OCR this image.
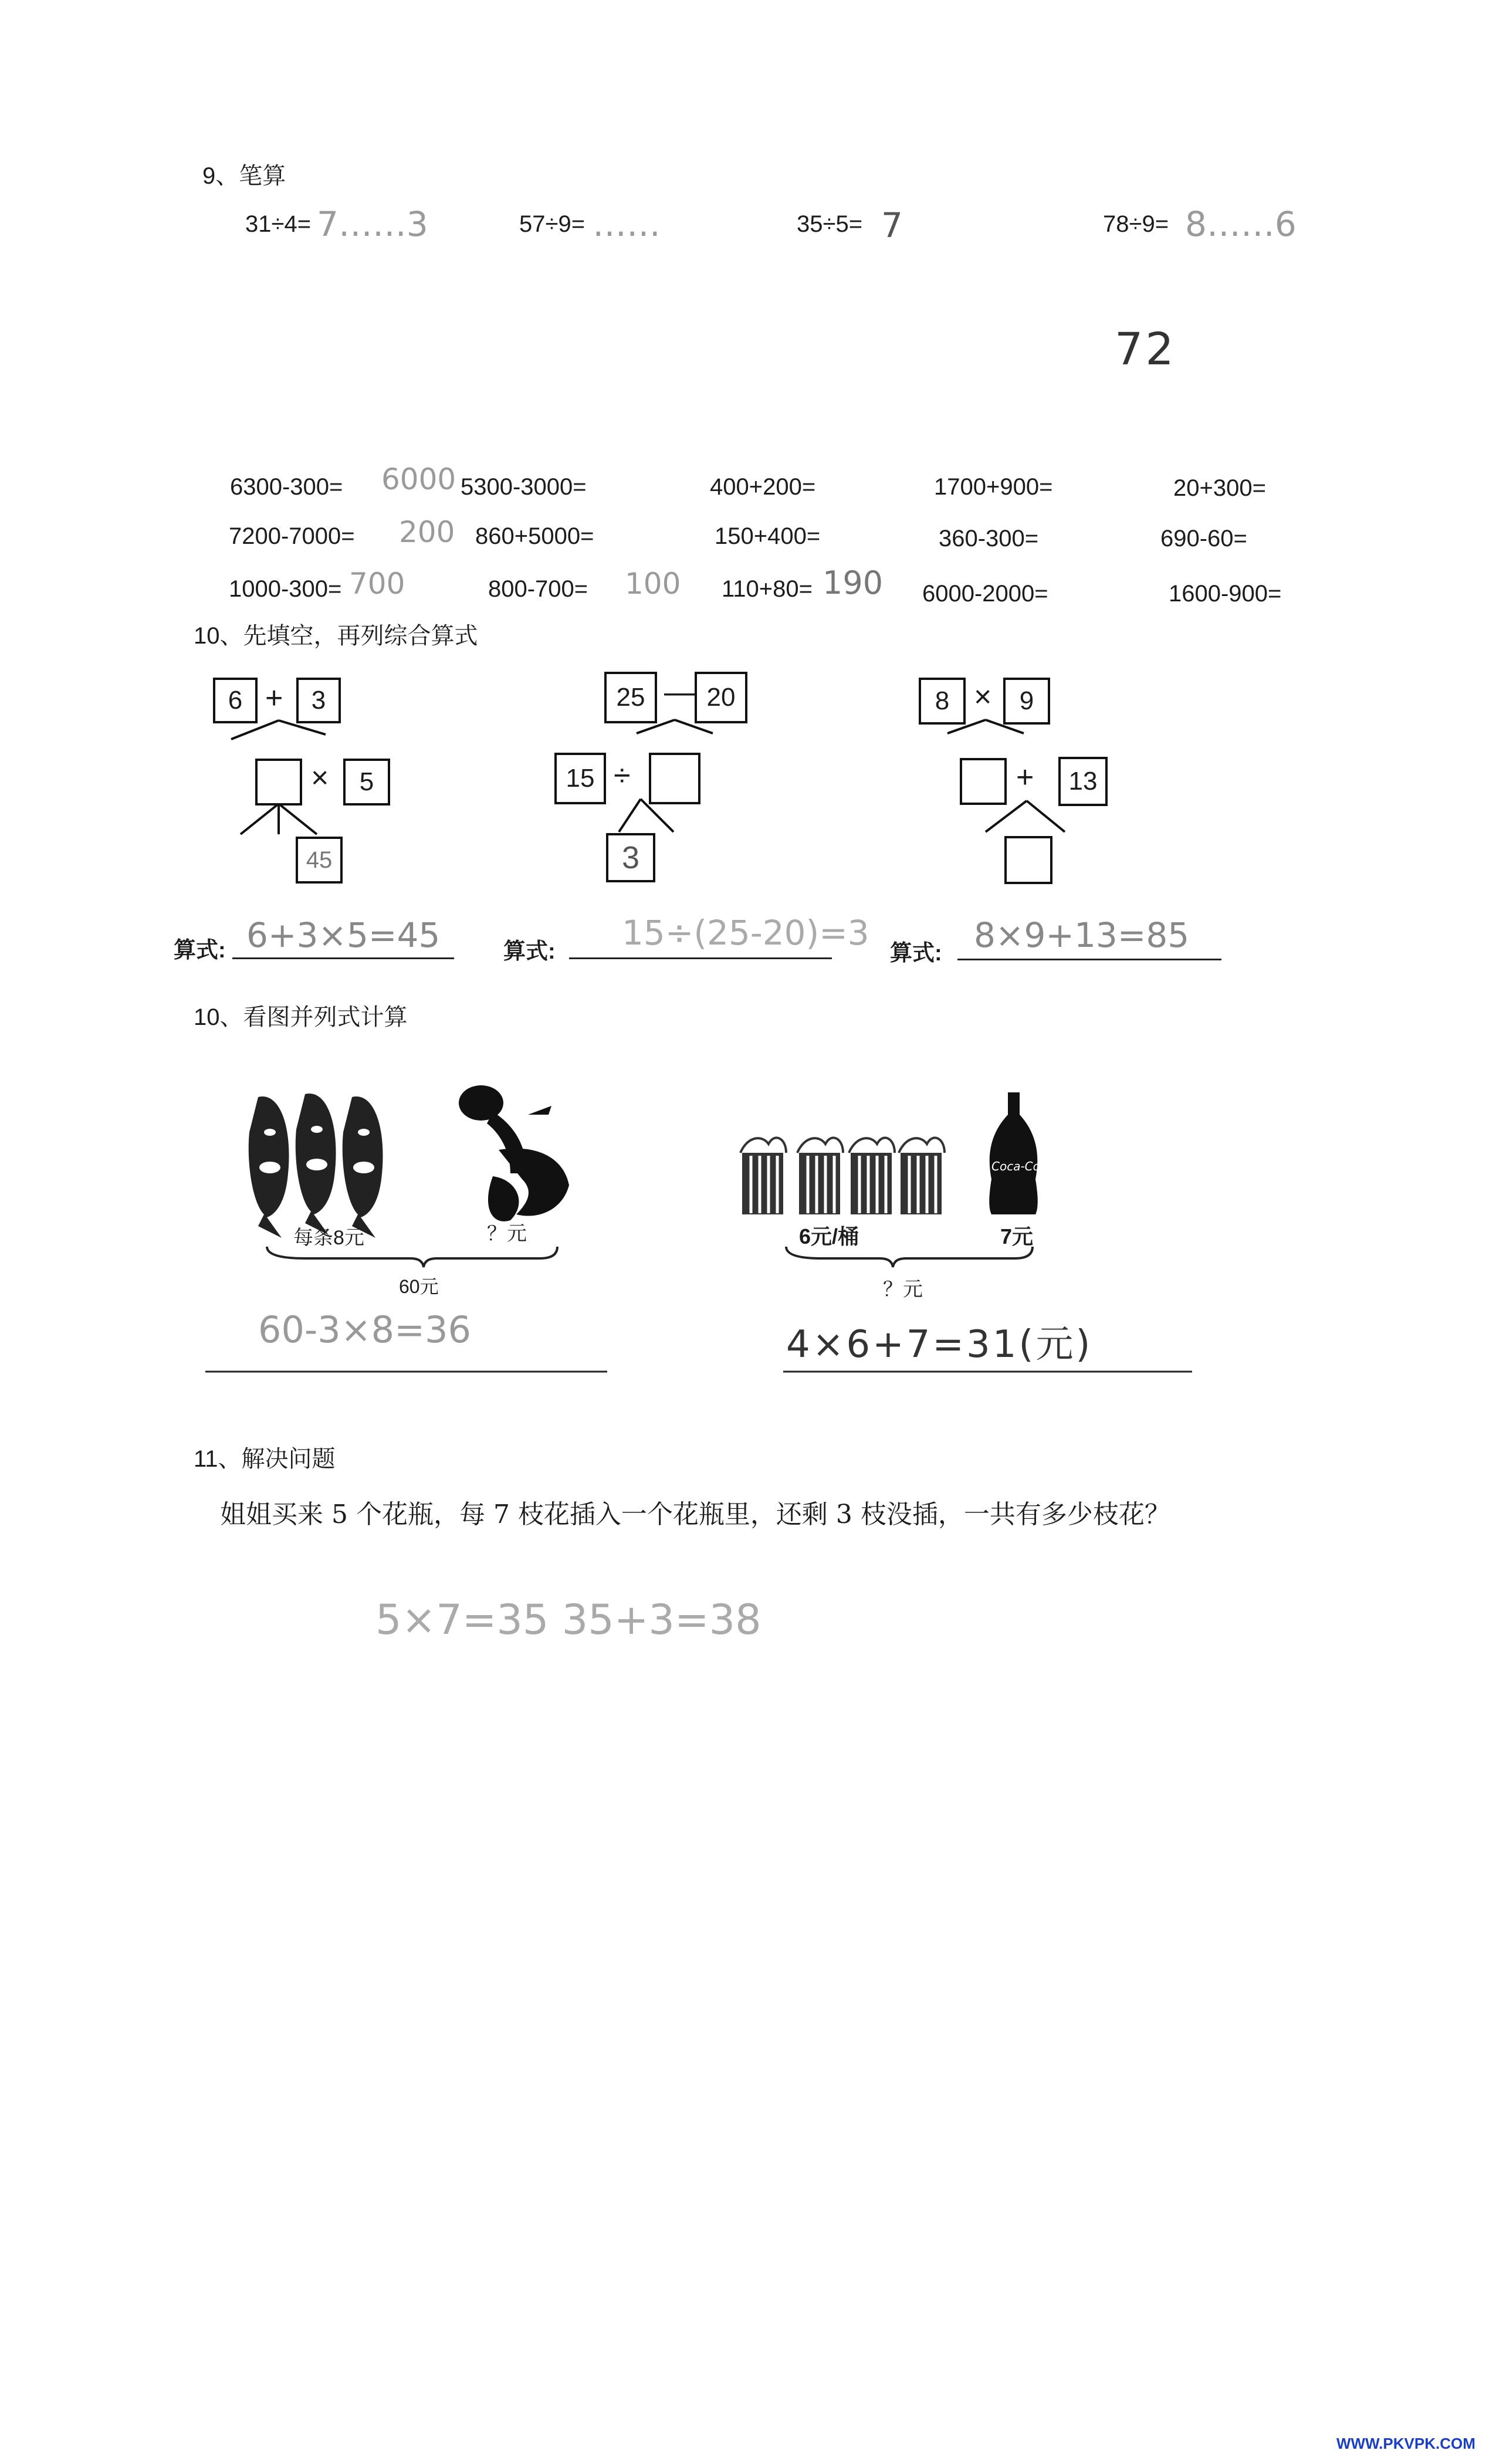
9、笔算
31÷4= 7……3	57÷9= ……	35÷5= 7	78÷9= 8……6
72
6300-300= 6000 5300-3000=	400+200=	1700+900=	20+300=
7200-7000= 200 860+5000=	150+400=	360-300=	690-60=
1000-300= 700	800-700= 100 110+80= 190 6000-2000=	1600-900=
10、先填空，再列综合算式
6 +	3
×	5
45
25 — 20
15 ÷
3
8 ×	9
+	13
算式: 6+3×5=45	算式: 15÷(25-20)=3
算式: 8×9+13=85
10、看图并列式计算
Coca-Cola
每条8元	？元
60元
60-3×8=36
6元/桶	7元
？元
4×6+7=31(元)
11、解决问题
姐姐买来 5 个花瓶，每 7 枝花插入一个花瓶里，还剩 3 枝没插，一共有多少枝花？
5×7=35 35+3=38
WWW.PKVPK.COM
